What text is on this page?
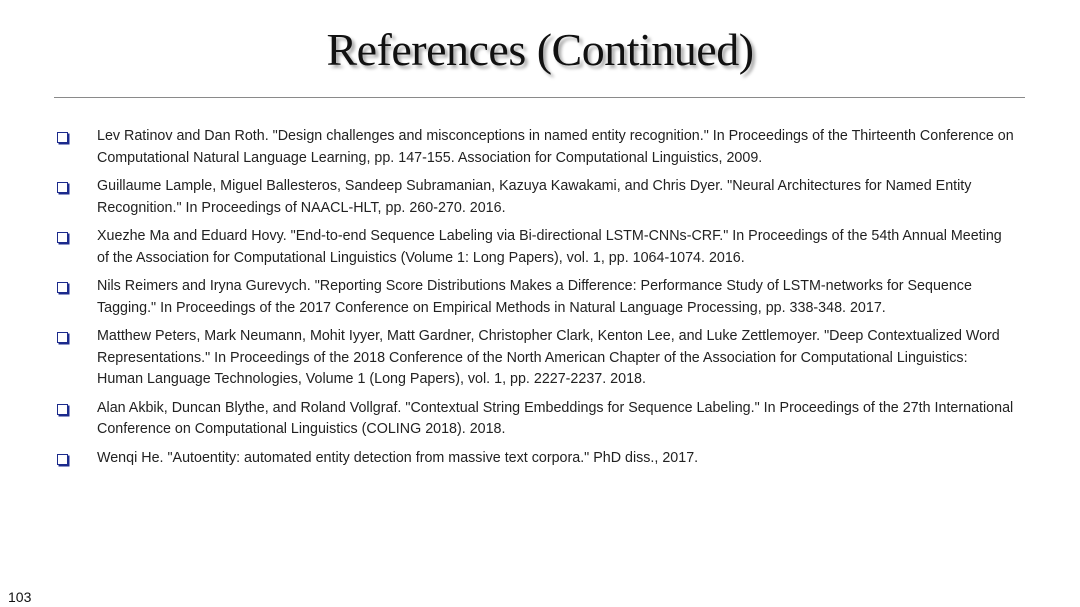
References (Continued)
Lev Ratinov and Dan Roth. "Design challenges and misconceptions in named entity recognition." In Proceedings of the Thirteenth Conference on Computational Natural Language Learning, pp. 147-155. Association for Computational Linguistics, 2009.
Guillaume Lample, Miguel Ballesteros, Sandeep Subramanian, Kazuya Kawakami, and Chris Dyer. "Neural Architectures for Named Entity Recognition." In Proceedings of NAACL-HLT, pp. 260-270. 2016.
Xuezhe Ma and Eduard Hovy. "End-to-end Sequence Labeling via Bi-directional LSTM-CNNs-CRF." In Proceedings of the 54th Annual Meeting of the Association for Computational Linguistics (Volume 1: Long Papers), vol. 1, pp. 1064-1074. 2016.
Nils Reimers and Iryna Gurevych. "Reporting Score Distributions Makes a Difference: Performance Study of LSTM-networks for Sequence Tagging." In Proceedings of the 2017 Conference on Empirical Methods in Natural Language Processing, pp. 338-348. 2017.
Matthew Peters, Mark Neumann, Mohit Iyyer, Matt Gardner, Christopher Clark, Kenton Lee, and Luke Zettlemoyer. "Deep Contextualized Word Representations." In Proceedings of the 2018 Conference of the North American Chapter of the Association for Computational Linguistics: Human Language Technologies, Volume 1 (Long Papers), vol. 1, pp. 2227-2237. 2018.
Alan Akbik, Duncan Blythe, and Roland Vollgraf. "Contextual String Embeddings for Sequence Labeling." In Proceedings of the 27th International Conference on Computational Linguistics (COLING 2018). 2018.
Wenqi He. "Autoentity: automated entity detection from massive text corpora." PhD diss., 2017.
103
